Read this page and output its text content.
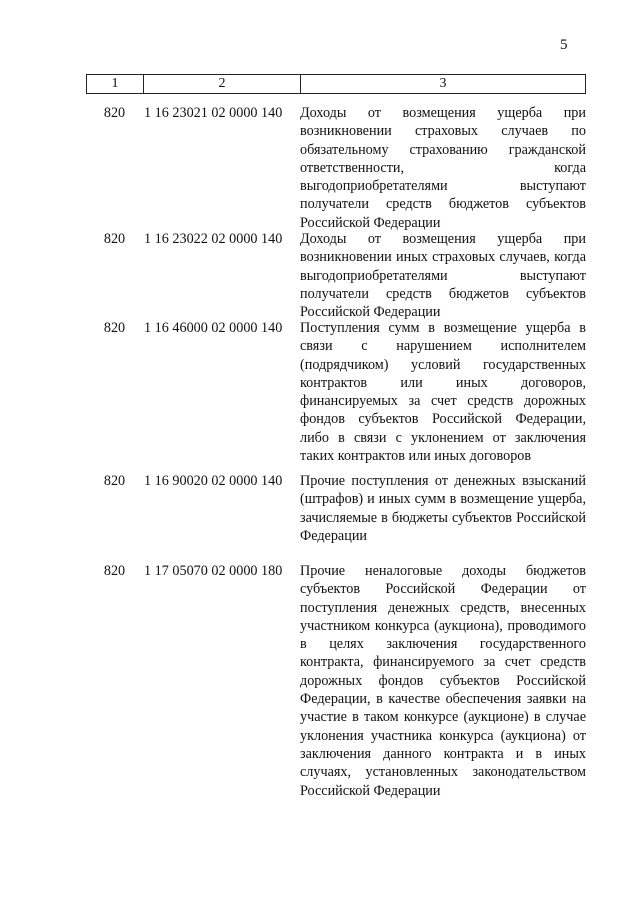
5
1	2	3
820	1 16 23021 02 0000 140	Доходы от возмещения ущерба при возникновении страховых случаев по обязательному страхованию гражданской ответственности, когда выгодоприобретателями выступают получатели средств бюджетов субъектов Российской Федерации
820	1 16 23022 02 0000 140	Доходы от возмещения ущерба при возникновении иных страховых случаев, когда выгодоприобретателями выступают получатели средств бюджетов субъектов Российской Федерации
820	1 16 46000 02 0000 140	Поступления сумм в возмещение ущерба в связи с нарушением исполнителем (подрядчиком) условий государственных контрактов или иных договоров, финансируемых за счет средств дорожных фондов субъектов Российской Федерации, либо в связи с уклонением от заключения таких контрактов или иных договоров
820	1 16 90020 02 0000 140	Прочие поступления от денежных взысканий (штрафов) и иных сумм в возмещение ущерба, зачисляемые в бюджеты субъектов Российской Федерации
820	1 17 05070 02 0000 180	Прочие неналоговые доходы бюджетов субъектов Российской Федерации от поступления денежных средств, внесенных участником конкурса (аукциона), проводимого в целях заключения государственного контракта, финансируемого за счет средств дорожных фондов субъектов Российской Федерации, в качестве обеспечения заявки на участие в таком конкурсе (аукционе) в случае уклонения участника конкурса (аукциона) от заключения данного контракта и в иных случаях, установленных законодательством Российской Федерации
